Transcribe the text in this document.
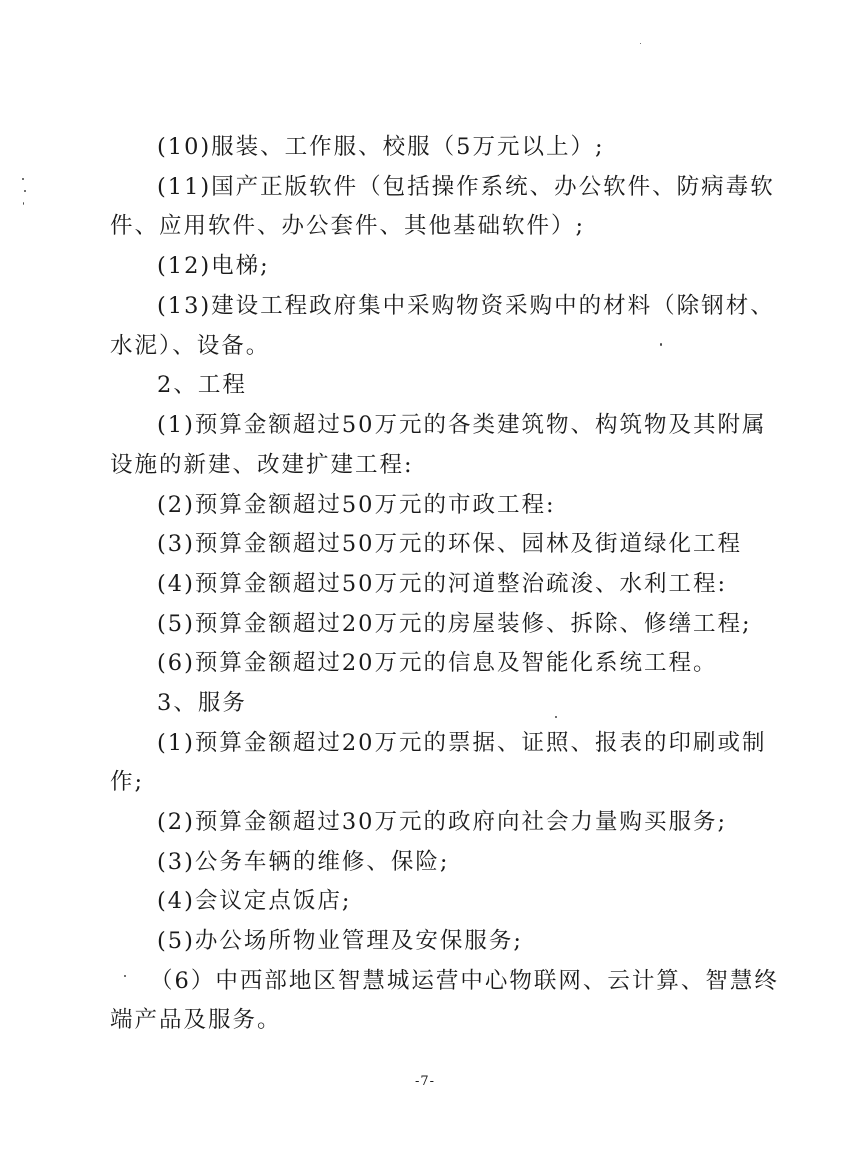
(10)服装、工作服、校服（5万元以上）;
(11)国产正版软件（包括操作系统、办公软件、防病毒软
件、应用软件、办公套件、其他基础软件）;
(12)电梯;
(13)建设工程政府集中采购物资采购中的材料（除钢材、
水泥）、设备。
2、工程
(1)预算金额超过50万元的各类建筑物、构筑物及其附属
设施的新建、改建扩建工程:
(2)预算金额超过50万元的市政工程:
(3)预算金额超过50万元的环保、园林及街道绿化工程
(4)预算金额超过50万元的河道整治疏浚、水利工程:
(5)预算金额超过20万元的房屋装修、拆除、修缮工程;
(6)预算金额超过20万元的信息及智能化系统工程。
3、服务
(1)预算金额超过20万元的票据、证照、报表的印刷或制
作;
(2)预算金额超过30万元的政府向社会力量购买服务;
(3)公务车辆的维修、保险;
(4)会议定点饭店;
(5)办公场所物业管理及安保服务;
（6）中西部地区智慧城运营中心物联网、云计算、智慧终
端产品及服务。
-7-
